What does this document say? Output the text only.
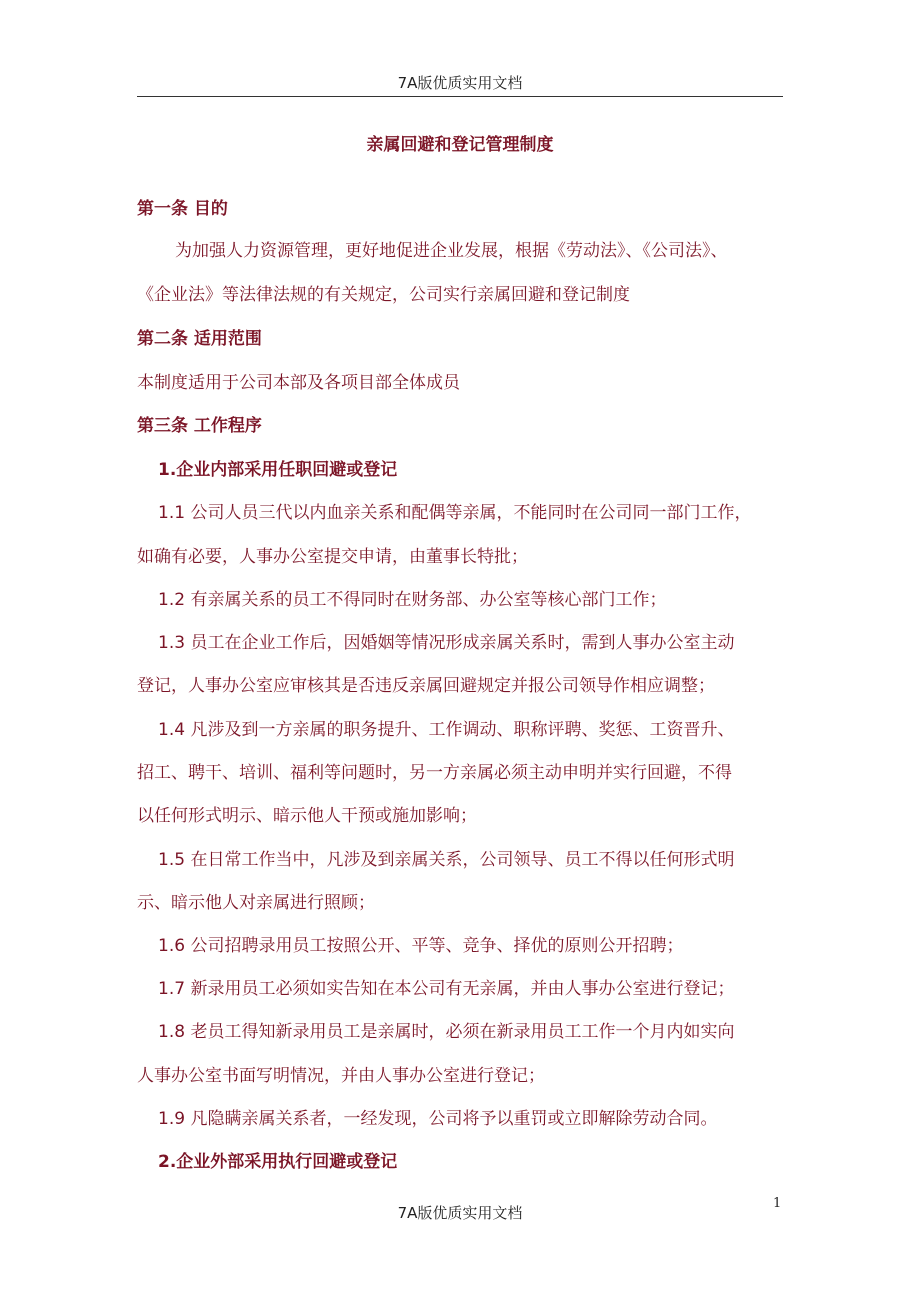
7A版优质实用文档
亲属回避和登记管理制度
第一条 目的
为加强人力资源管理，更好地促进企业发展，根据《劳动法》、《公司法》、
《企业法》等法律法规的有关规定，公司实行亲属回避和登记制度
第二条 适用范围
本制度适用于公司本部及各项目部全体成员
第三条 工作程序
1.企业内部采用任职回避或登记
1.1 公司人员三代以内血亲关系和配偶等亲属，不能同时在公司同一部门工作，
如确有必要，人事办公室提交申请，由董事长特批；
1.2 有亲属关系的员工不得同时在财务部、办公室等核心部门工作；
1.3 员工在企业工作后，因婚姻等情况形成亲属关系时，需到人事办公室主动
登记，人事办公室应审核其是否违反亲属回避规定并报公司领导作相应调整；
1.4 凡涉及到一方亲属的职务提升、工作调动、职称评聘、奖惩、工资晋升、
招工、聘干、培训、福利等问题时，另一方亲属必须主动申明并实行回避，不得
以任何形式明示、暗示他人干预或施加影响；
1.5 在日常工作当中，凡涉及到亲属关系，公司领导、员工不得以任何形式明
示、暗示他人对亲属进行照顾；
1.6 公司招聘录用员工按照公开、平等、竞争、择优的原则公开招聘；
1.7 新录用员工必须如实告知在本公司有无亲属，并由人事办公室进行登记；
1.8 老员工得知新录用员工是亲属时，必须在新录用员工工作一个月内如实向
人事办公室书面写明情况，并由人事办公室进行登记；
1.9 凡隐瞒亲属关系者，一经发现，公司将予以重罚或立即解除劳动合同。
2.企业外部采用执行回避或登记
1
7A版优质实用文档
